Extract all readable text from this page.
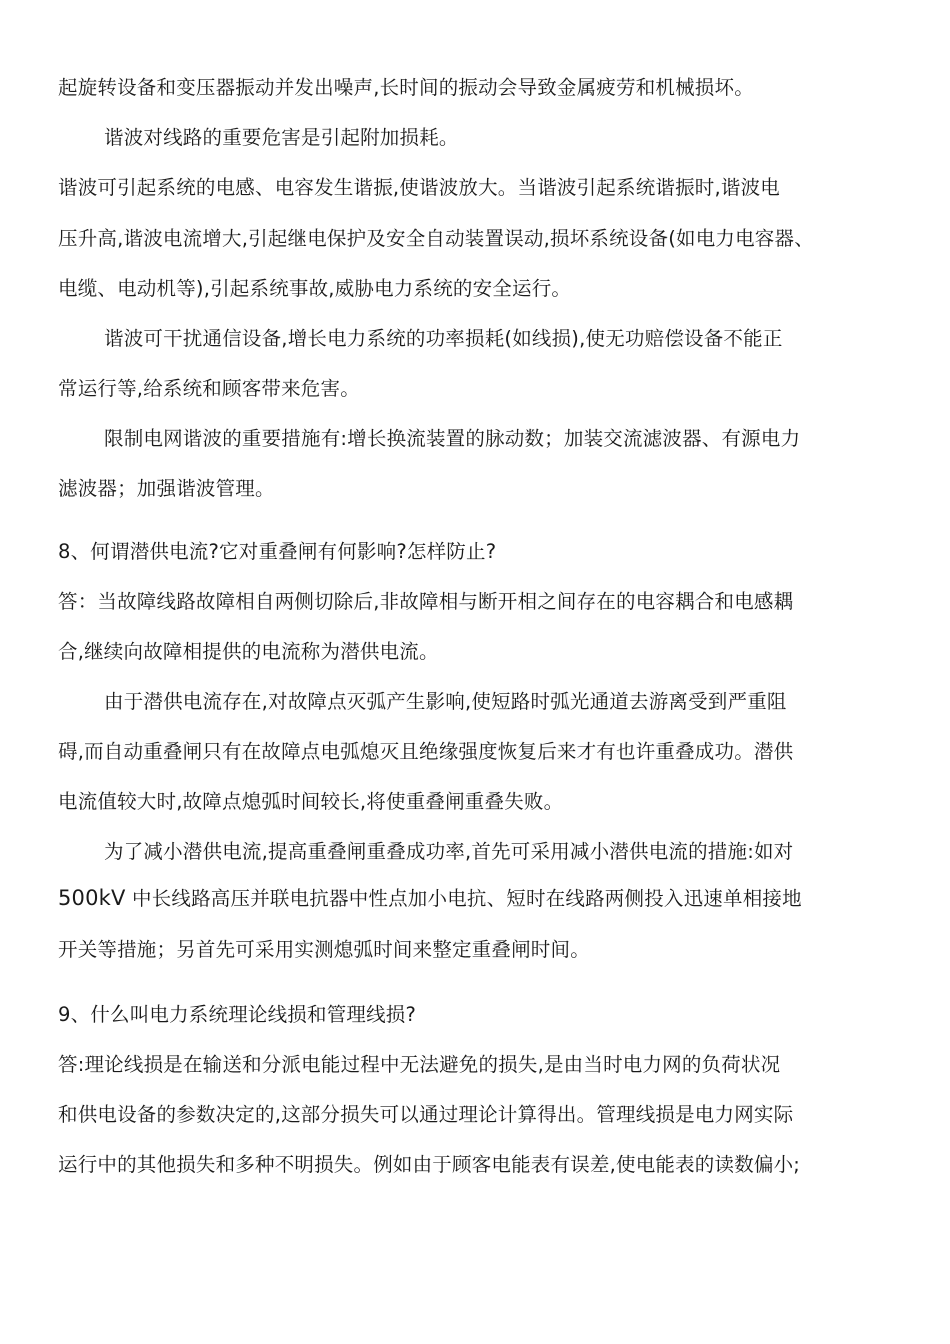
起旋转设备和变压器振动并发出噪声,长时间的振动会导致金属疲劳和机械损坏。
谐波对线路的重要危害是引起附加损耗。
谐波可引起系统的电感、电容发生谐振,使谐波放大。当谐波引起系统谐振时,谐波电
压升高,谐波电流增大,引起继电保护及安全自动装置误动,损坏系统设备(如电力电容器、
电缆、电动机等),引起系统事故,威胁电力系统的安全运行。
谐波可干扰通信设备,增长电力系统的功率损耗(如线损),使无功赔偿设备不能正
常运行等,给系统和顾客带来危害。
限制电网谐波的重要措施有:增长换流装置的脉动数；加装交流滤波器、有源电力
滤波器；加强谐波管理。
8、何谓潜供电流?它对重叠闸有何影响?怎样防止?
答：当故障线路故障相自两侧切除后,非故障相与断开相之间存在的电容耦合和电感耦
合,继续向故障相提供的电流称为潜供电流。
由于潜供电流存在,对故障点灭弧产生影响,使短路时弧光通道去游离受到严重阻
碍,而自动重叠闸只有在故障点电弧熄灭且绝缘强度恢复后来才有也许重叠成功。潜供
电流值较大时,故障点熄弧时间较长,将使重叠闸重叠失败。
为了减小潜供电流,提高重叠闸重叠成功率,首先可采用减小潜供电流的措施:如对
500kV 中长线路高压并联电抗器中性点加小电抗、短时在线路两侧投入迅速单相接地
开关等措施；另首先可采用实测熄弧时间来整定重叠闸时间。
9、什么叫电力系统理论线损和管理线损?
答:理论线损是在输送和分派电能过程中无法避免的损失,是由当时电力网的负荷状况
和供电设备的参数决定的,这部分损失可以通过理论计算得出。管理线损是电力网实际
运行中的其他损失和多种不明损失。例如由于顾客电能表有误差,使电能表的读数偏小;
